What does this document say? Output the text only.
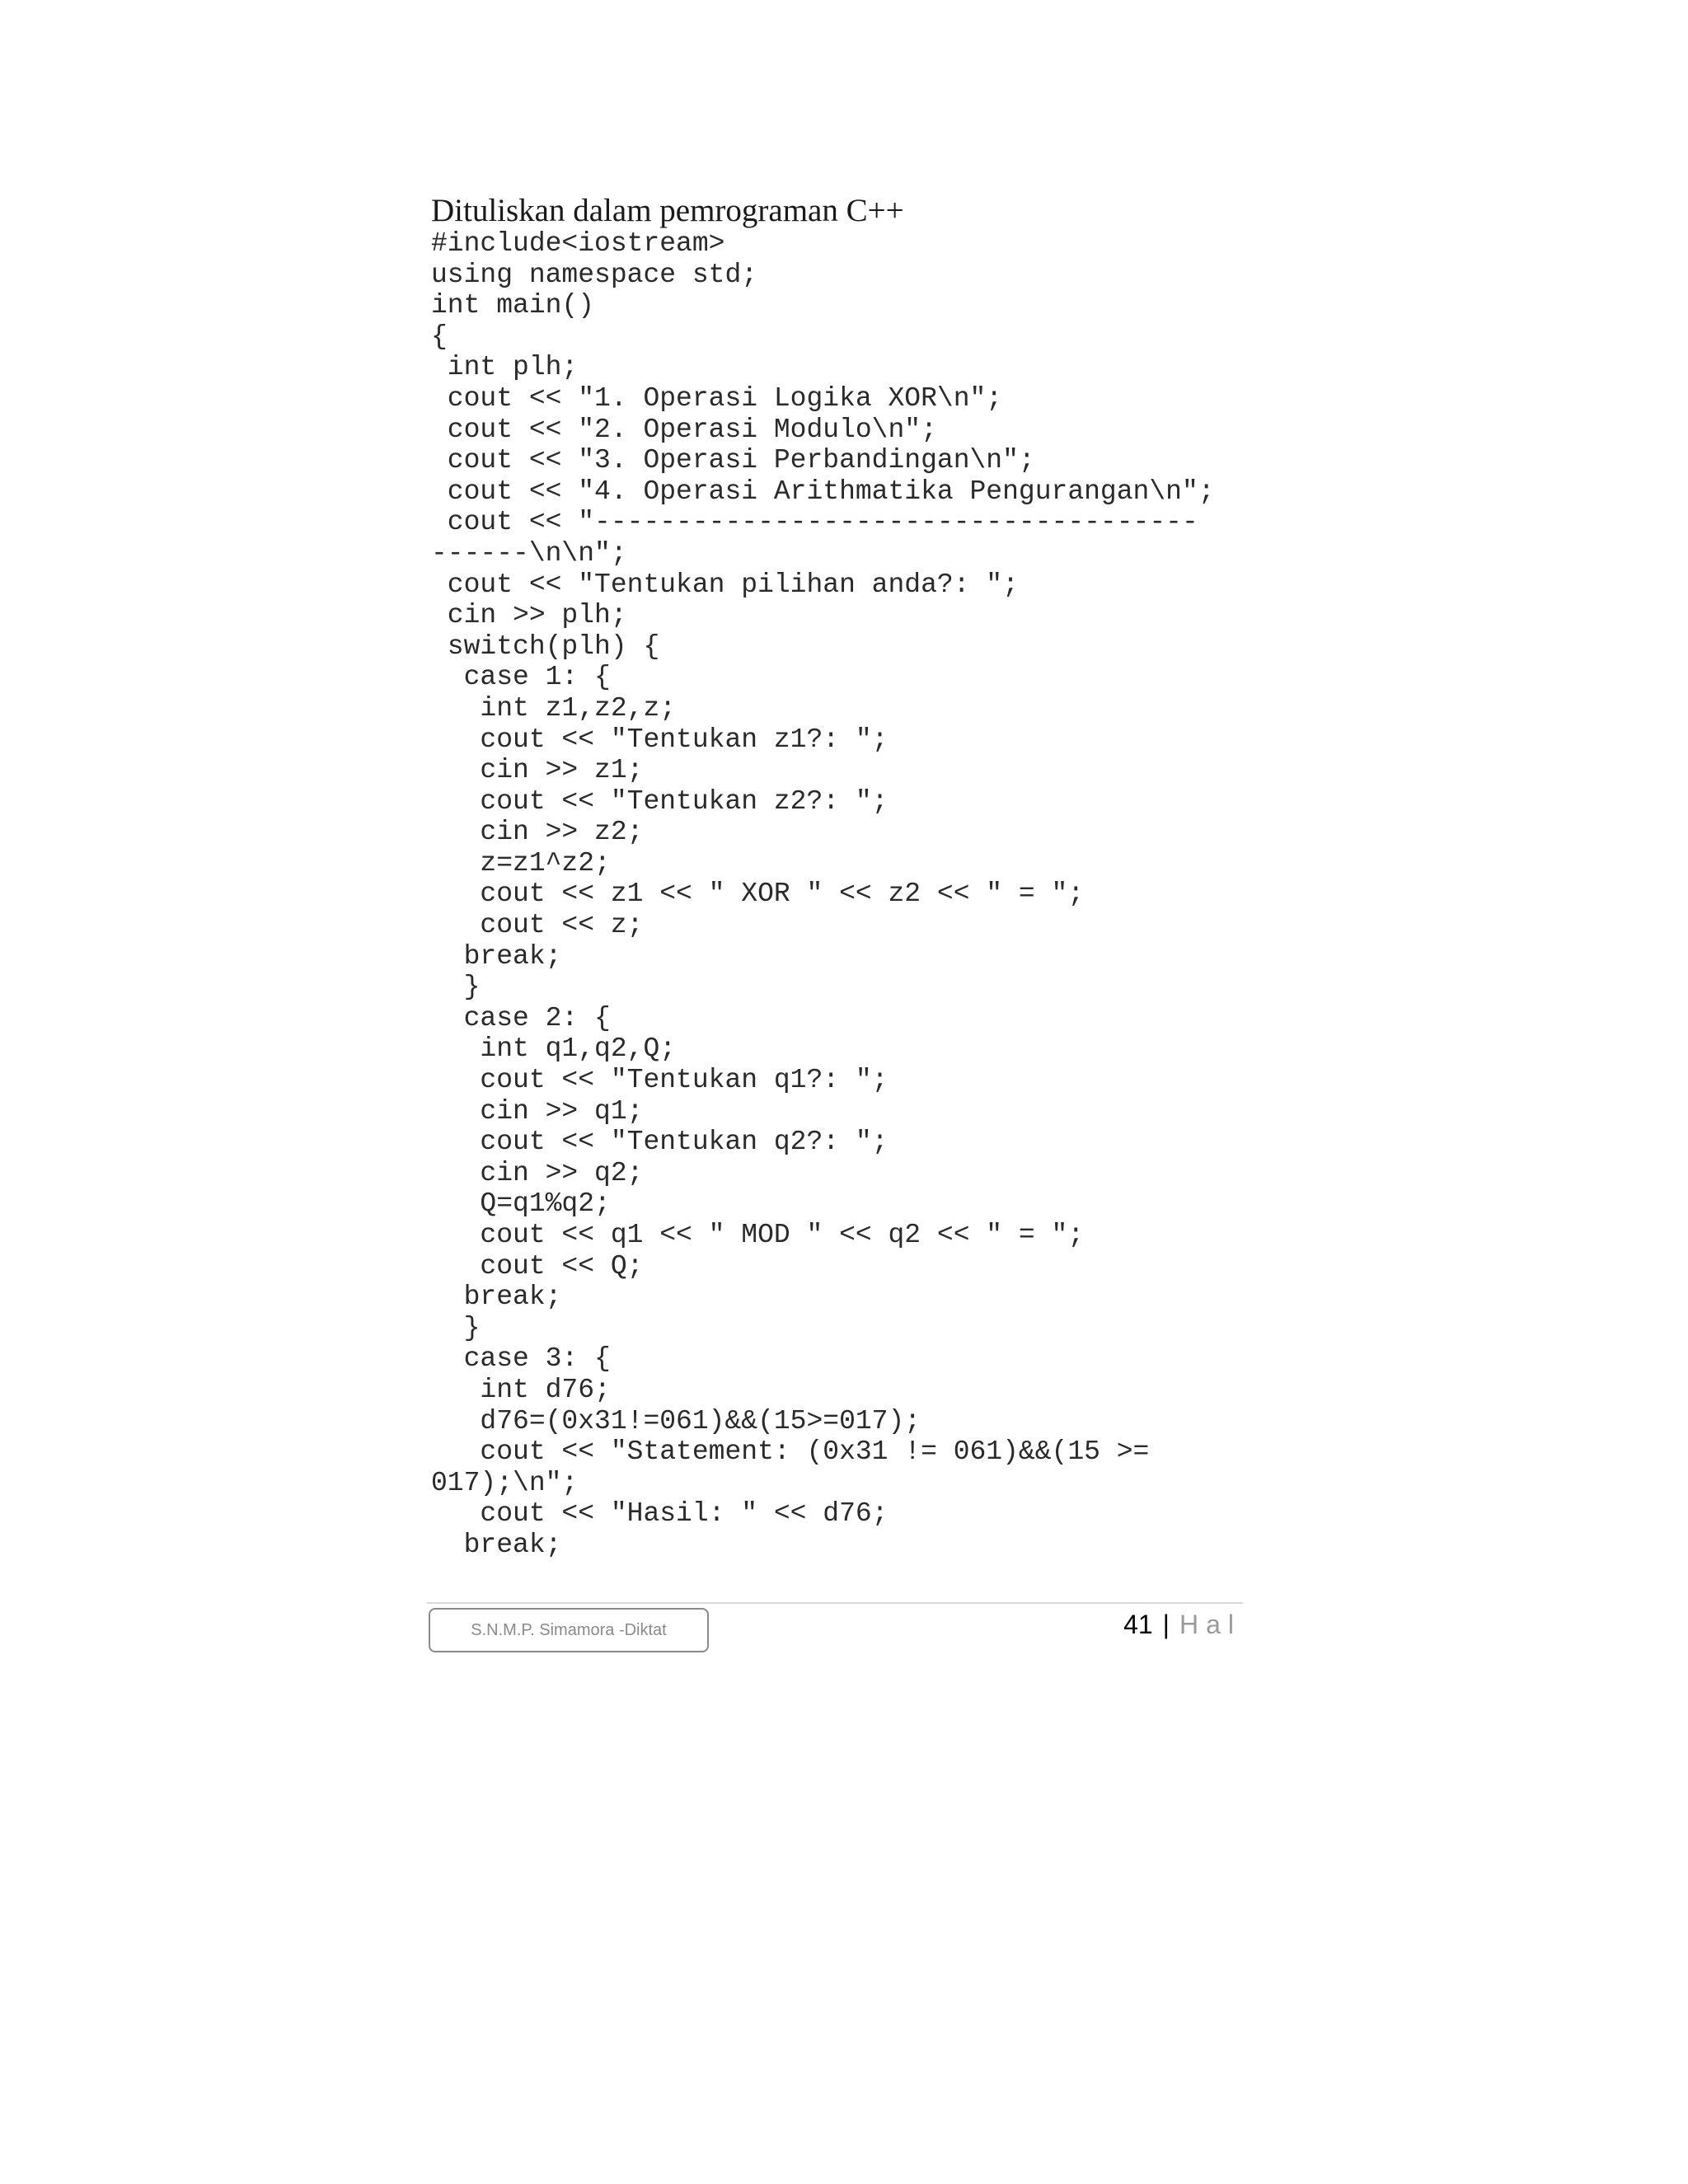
Dituliskan dalam pemrograman C++
#include<iostream>
using namespace std;
int main()
{
int plh;
cout << "1. Operasi Logika XOR\n";
cout << "2. Operasi Modulo\n";
cout << "3. Operasi Perbandingan\n";
cout << "4. Operasi Arithmatika Pengurangan\n";
cout << "-------------------------------------
------\n\n";
cout << "Tentukan pilihan anda?: ";
cin >> plh;
switch(plh) {
case 1: {
int z1,z2,z;
cout << "Tentukan z1?: ";
cin >> z1;
cout << "Tentukan z2?: ";
cin >> z2;
z=z1^z2;
cout << z1 << " XOR " << z2 << " = ";
cout << z;
break;
}
case 2: {
int q1,q2,Q;
cout << "Tentukan q1?: ";
cin >> q1;
cout << "Tentukan q2?: ";
cin >> q2;
Q=q1%q2;
cout << q1 << " MOD " << q2 << " = ";
cout << Q;
break;
}
case 3: {
int d76;
d76=(0x31!=061)&&(15>=017);
cout << "Statement: (0x31 != 061)&&(15 >=
017);\n";
cout << "Hasil: " << d76;
break;
S.N.M.P. Simamora -Diktat	41 | Hal
